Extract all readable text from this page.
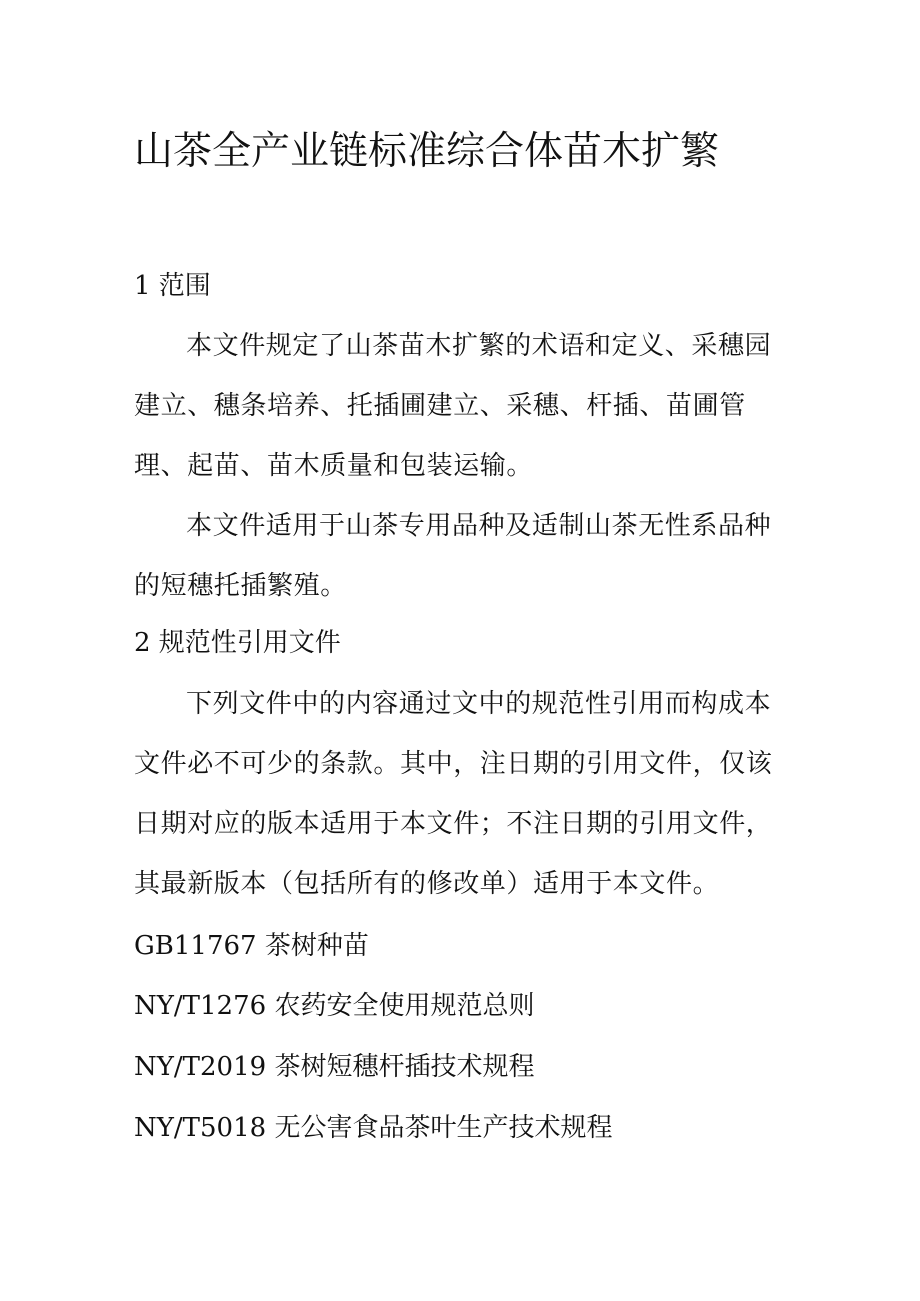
山茶全产业链标准综合体苗木扩繁
1 范围
本文件规定了山茶苗木扩繁的术语和定义、采穗园建立、穗条培养、托插圃建立、采穗、杆插、苗圃管理、起苗、苗木质量和包装运输。
本文件适用于山茶专用品种及适制山茶无性系品种的短穗托插繁殖。
2 规范性引用文件
下列文件中的内容通过文中的规范性引用而构成本文件必不可少的条款。其中，注日期的引用文件，仅该日期对应的版本适用于本文件；不注日期的引用文件，其最新版本（包括所有的修改单）适用于本文件。
GB11767 茶树种苗
NY/T1276 农药安全使用规范总则
NY/T2019 茶树短穗杆插技术规程
NY/T5018 无公害食品茶叶生产技术规程
